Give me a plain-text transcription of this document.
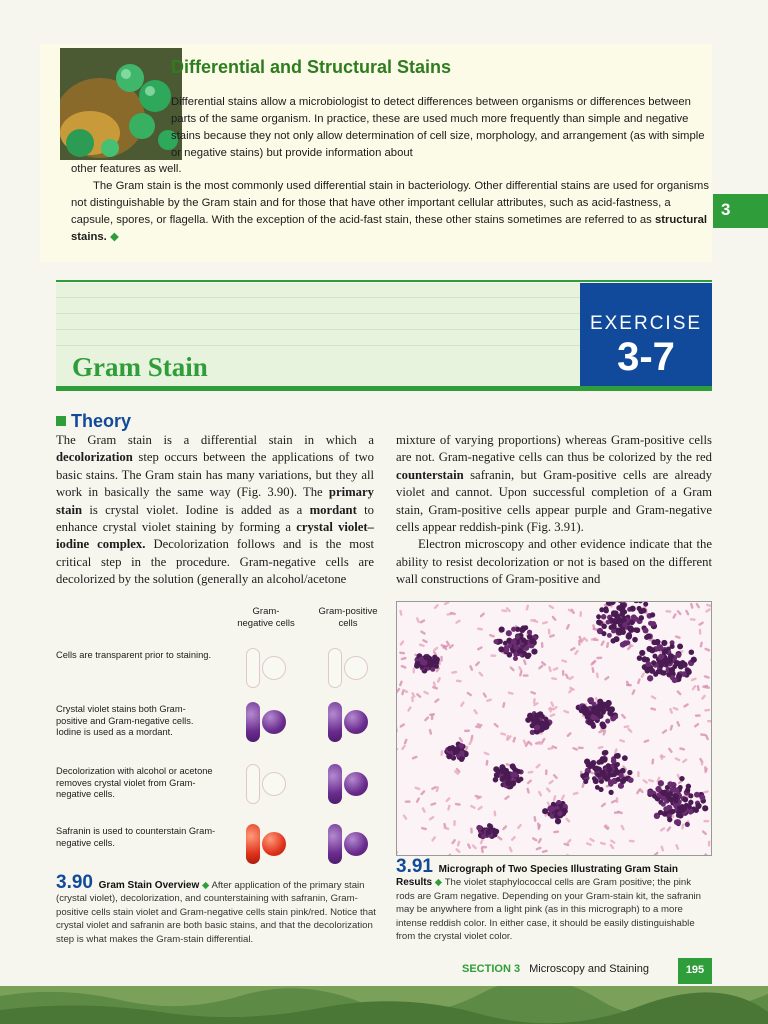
Differential and Structural Stains
Differential stains allow a microbiologist to detect differences between organisms or differences between parts of the same organism. In practice, these are used much more frequently than simple and negative stains because they not only allow determination of cell size, morphology, and arrangement (as with simple or negative stains) but provide information about
other features as well.
The Gram stain is the most commonly used differential stain in bacteriology. Other differential stains are used for organisms not distinguishable by the Gram stain and for those that have other important cellular attributes, such as acid-fastness, a capsule, spores, or flagella. With the exception of the acid-fast stain, these other stains sometimes are referred to as structural stains. ◆
3
Gram Stain
EXERCISE
3-7
Theory
The Gram stain is a differential stain in which a decolorization step occurs between the applications of two basic stains. The Gram stain has many variations, but they all work in basically the same way (Fig. 3.90). The primary stain is crystal violet. Iodine is added as a mordant to enhance crystal violet staining by forming a crystal violet–iodine complex. Decolorization follows and is the most critical step in the procedure. Gram-negative cells are decolorized by the solution (generally an alcohol/acetone
mixture of varying proportions) whereas Gram-positive cells are not. Gram-negative cells can thus be colorized by the red counterstain safranin, but Gram-positive cells are already violet and cannot. Upon successful completion of a Gram stain, Gram-positive cells appear purple and Gram-negative cells appear reddish-pink (Fig. 3.91).
Electron microscopy and other evidence indicate that the ability to resist decolorization or not is based on the different wall constructions of Gram-positive and
Gram-negative cells
Gram-positive cells
Cells are transparent prior to staining.
Crystal violet stains both Gram-positive and Gram-negative cells. Iodine is used as a mordant.
Decolorization with alcohol or acetone removes crystal violet from Gram-negative cells.
Safranin is used to counterstain Gram-negative cells.
3.90 Gram Stain Overview ◆ After application of the primary stain (crystal violet), decolorization, and counterstaining with safranin, Gram-positive cells stain violet and Gram-negative cells stain pink/red. Notice that crystal violet and safranin are both basic stains, and that the decolorization step is what makes the Gram-stain differential.
3.91 Micrograph of Two Species Illustrating Gram Stain Results ◆ The violet staphylococcal cells are Gram positive; the pink rods are Gram negative. Depending on your Gram-stain kit, the safranin may be anywhere from a light pink (as in this micrograph) to a more intense reddish color. In either case, it should be easily distinguishable from the crystal violet color.
SECTION 3 Microscopy and Staining	195
